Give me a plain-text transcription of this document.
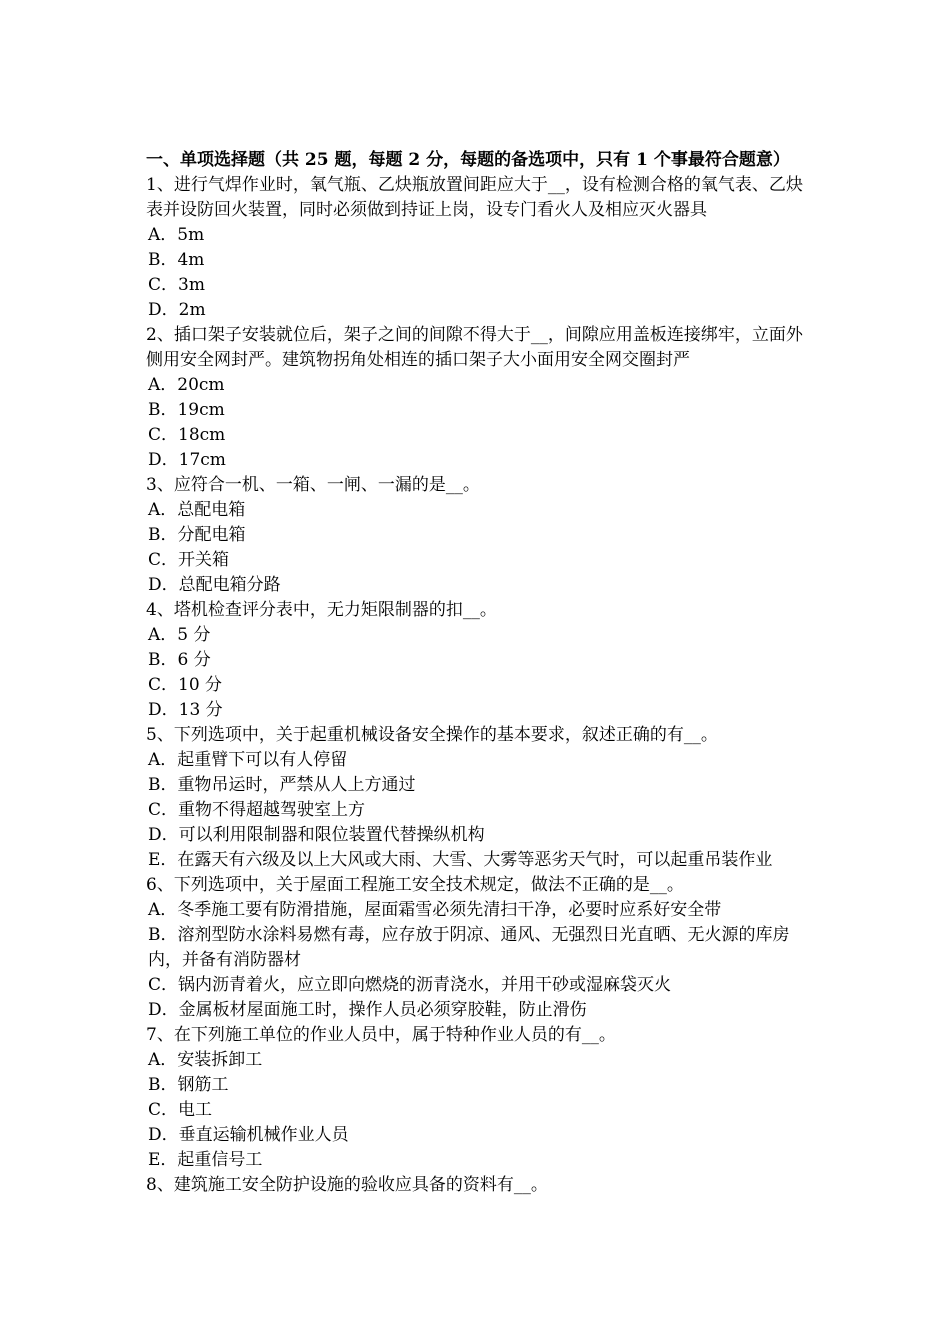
一、单项选择题（共 25 题，每题 2 分，每题的备选项中，只有 1 个事最符合题意）
1、进行气焊作业时，氧气瓶、乙炔瓶放置间距应大于__，设有检测合格的氧气表、乙炔表并设防回火装置，同时必须做到持证上岗，设专门看火人及相应灭火器具
A．5m
B．4m
C．3m
D．2m
2、插口架子安装就位后，架子之间的间隙不得大于__，间隙应用盖板连接绑牢，立面外侧用安全网封严。建筑物拐角处相连的插口架子大小面用安全网交圈封严
A．20cm
B．19cm
C．18cm
D．17cm
3、应符合一机、一箱、一闸、一漏的是__。
A．总配电箱
B．分配电箱
C．开关箱
D．总配电箱分路
4、塔机检查评分表中，无力矩限制器的扣__。
A．5 分
B．6 分
C．10 分
D．13 分
5、下列选项中，关于起重机械设备安全操作的基本要求，叙述正确的有__。
A．起重臂下可以有人停留
B．重物吊运时，严禁从人上方通过
C．重物不得超越驾驶室上方
D．可以利用限制器和限位装置代替操纵机构
E．在露天有六级及以上大风或大雨、大雪、大雾等恶劣天气时，可以起重吊装作业
6、下列选项中，关于屋面工程施工安全技术规定，做法不正确的是__。
A．冬季施工要有防滑措施，屋面霜雪必须先清扫干净，必要时应系好安全带
B．溶剂型防水涂料易燃有毒，应存放于阴凉、通风、无强烈日光直晒、无火源的库房内，并备有消防器材
C．锅内沥青着火，应立即向燃烧的沥青浇水，并用干砂或湿麻袋灭火
D．金属板材屋面施工时，操作人员必须穿胶鞋，防止滑伤
7、在下列施工单位的作业人员中，属于特种作业人员的有__。
A．安装拆卸工
B．钢筋工
C．电工
D．垂直运输机械作业人员
E．起重信号工
8、建筑施工安全防护设施的验收应具备的资料有__。
